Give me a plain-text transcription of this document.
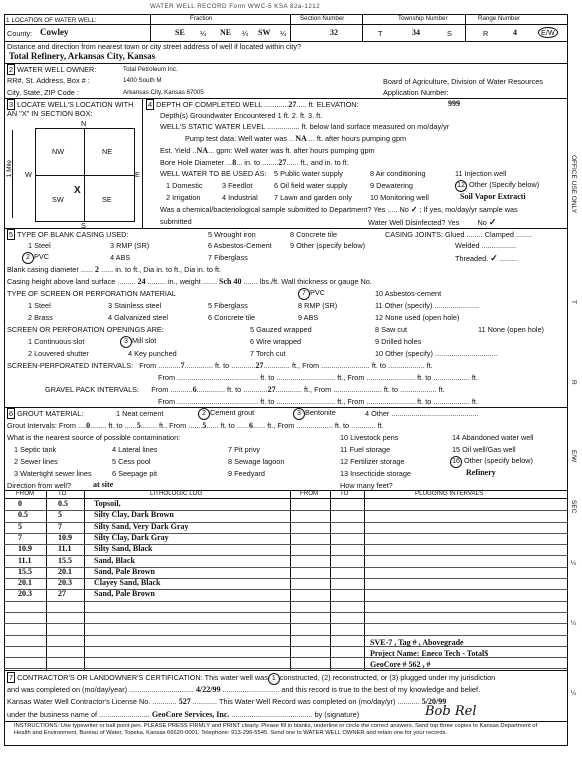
WATER WELL RECORD Form WWC-5 KSA 82a-1212
1 LOCATION OF WATER WELL:	Fraction	Section Number	Township Number	Range Number
County: Cowley	SE ¼ NE ¼ SW ¼	32	T	34	S	R	4	E/W
Distance and direction from nearest town or city street address of well if located within city?
Total Refinery, Arkansas City, Kansas
2 WATER WELL OWNER:	Total Petroleum Inc.
RR#, St. Address, Box # :	1400 South M
City, State, ZIP Code :	Arkansas City, Kansas 67005
Board of Agriculture, Division of Water Resources
Application Number:
3 LOCATE WELL'S LOCATION WITH AN "X" IN SECTION BOX:
NW	NE
SW	SE
X
N
S
W	E
1 Mile
4 DEPTH OF COMPLETED WELL ............27..... ft. ELEVATION:	999
Depth(s) Groundwater Encountered 1 ft. 2. ft. 3. ft.
WELL'S STATIC WATER LEVEL ................ ft. below land surface measured on mo/day/yr
Pump test data: Well water was .. NA ... ft. after hours pumping gpm
Est. Yield ..NA... gpm: Well water was ft. after hours pumping gpm
Bore Hole Diameter ...8... in. to ........27...... ft., and in. to ft.
WELL WATER TO BE USED AS: 5 Public water supply	8 Air conditioning	11 Injection well
1 Domestic	3 Feedlot	6 Oil field water supply	9 Dewatering	12 Other (Specify below)
2 Irrigation	4 Industrial 7 Lawn and garden only 10 Monitoring well	Soil Vapor Extracti
Was a chemical/bacteriological sample submitted to Department? Yes ..... No ✓ ; If yes, mo/day/yr sample was
submitted	Water Well Disinfected? Yes	No ✓
5 TYPE OF BLANK CASING USED:	5 Wrought iron	8 Concrete tile	CASING JOINTS: Glued ........ Clamped ........
1 Steel	3 RMP (SR)	6 Asbestos-Cement	9 Other (specify below)	Welded .................
2 PVC	4 ABS	7 Fiberglass	Threaded. ✓ .........
Blank casing diameter ...... 2 ...... in. to ft., Dia in. to ft., Dia in. to ft.
Casing height above land surface ......... 24 ......... in., weight ....... Sch 40 ....... lbs./ft. Wall thickness or gauge No.
TYPE OF SCREEN OR PERFORATION MATERIAL	7 PVC	10 Asbestos-cement
1 Steel	3 Stainless steel	5 Fiberglass	8 RMP (SR)	11 Other (specify) ......................
2 Brass	4 Galvanized steel	6 Concrete tile	9 ABS	12 None used (open hole)
SCREEN OR PERFORATION OPENINGS ARE:	5 Gauzed wrapped	8 Saw cut	11 None (open hole)
1 Continuous slot	3 Mill slot	6 Wire wrapped	9 Drilled holes
2 Louvered shutter	4 Key punched	7 Torch cut	10 Other (specify) ...............................
SCREEN-PERFORATED INTERVALS: From ...........7.............. ft. to ............27............. ft., From ........................ ft. to .................. ft.
From ........................................ ft. to ............................. ft., From ........................ ft. to .................. ft.
GRAVEL PACK INTERVALS: From ...........6.............. ft. to ............27............. ft., From ........................ ft. to .................. ft.
From ........................................ ft. to ............................. ft., From ........................ ft. to .................. ft.
6 GROUT MATERIAL:	1 Neat cement	2 Cement grout	3 Bentonite	4 Other ...........................................
Grout Intervals: From ....0........ ft. to ......5........ ft., From .......5...... ft. to ......6...... ft., From .................. ft. to ............ ft.
What is the nearest source of possible contamination:	10 Livestock pens	14 Abandoned water well
1 Septic tank	4 Lateral lines	7 Pit privy	11 Fuel storage	15 Oil well/Gas well
2 Sewer lines	5 Cess pool	8 Sewage lagoon	12 Fertilizer storage	16 Other (specify below)
3 Watertight sewer lines	6 Seepage pit	9 Feedyard	13 Insecticide storage	Refinery
Direction from well?	at site	How many feet?
FROM	TO	LITHOLOGIC LOG	FROM	TO	PLUGGING INTERVALS
0	0.5	Topsoil,
0.5	5	Silty Clay, Dark Brown
5	7	Silty Sand, Very Dark Gray
7	10.9	Silty Clay, Dark Gray
10.9	11.1	Silty Sand, Black
11.1	15.5	Sand, Black
15.5	20.1	Sand, Pale Brown
20.1	20.3	Clayey Sand, Black
20.3	27	Sand, Pale Brown
SVE-7 , Tag # , Abovegrade
Project Name: Eneco Tech - Total$
GeoCore # 562 , #
7 CONTRACTOR'S OR LANDOWNER'S CERTIFICATION: This water well was 1 constructed, (2) reconstructed, or (3) plugged under my jurisdiction
and was completed on (mo/day/year) ................................ 4/22/99 ............................ and this record is true to the best of my knowledge and belief.
Kansas Water Well Contractor's License No. ............ 527 ............ This Water Well Record was completed on (mo/day/yr) ........... 5/20/99
under the business name of ......................... GeoCore Services, Inc. ........................................ by (signature)	Bob Rel
INSTRUCTIONS: Use typewriter or ball point pen. PLEASE PRESS FIRMLY and PRINT clearly. Please fill in blanks, underline or circle the correct answers. Send top three copies to Kansas Department of Health and Environment, Bureau of Water, Topeka, Kansas 66620-0001. Telephone: 913-296-5545. Send one to WATER WELL OWNER and retain one for your records.
OFFICE USE ONLY
T
R
E/W
SEC
¼
¼
¼
